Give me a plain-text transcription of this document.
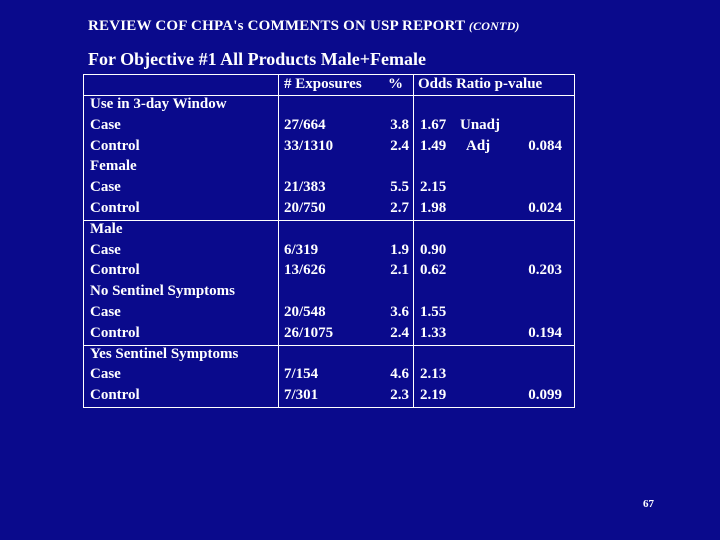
REVIEW COF CHPA's COMMENTS ON USP REPORT (CONTD)
For Objective #1 All Products Male+Female
# Exposures % Odds Ratio p-value
Use in 3-day Window
Case	27/664	3.8 1.67 Unadj
Control	33/1310	2.4 1.49 Adj	0.084
Female
Case	21/383	5.5 2.15
Control	20/750	2.7 1.98	0.024
Male
Case	6/319	1.9 0.90
Control	13/626	2.1 0.62	0.203
No Sentinel Symptoms
Case	20/548	3.6 1.55
Control	26/1075	2.4 1.33	0.194
Yes Sentinel Symptoms
Case	7/154	4.6 2.13
Control	7/301	2.3 2.19	0.099
67
